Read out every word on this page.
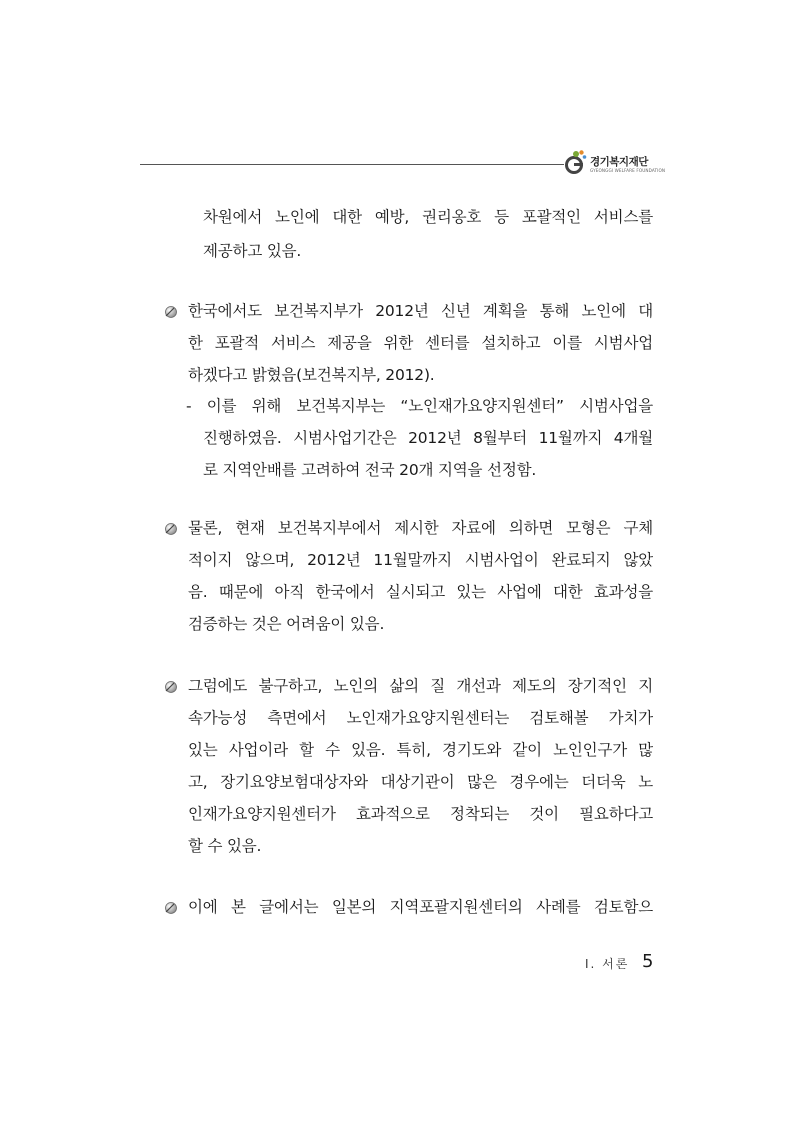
경기복지재단
GYEONGGI WELFARE FOUNDATION
차원에서 노인에 대한 예방, 권리옹호 등 포괄적인 서비스를
제공하고 있음.
한국에서도 보건복지부가 2012년 신년 계획을 통해 노인에 대
한 포괄적 서비스 제공을 위한 센터를 설치하고 이를 시범사업
하겠다고 밝혔음(보건복지부, 2012).
- 이를 위해 보건복지부는 “노인재가요양지원센터” 시범사업을
진행하였음. 시범사업기간은 2012년 8월부터 11월까지 4개월
로 지역안배를 고려하여 전국 20개 지역을 선정함.
물론, 현재 보건복지부에서 제시한 자료에 의하면 모형은 구체
적이지 않으며, 2012년 11월말까지 시범사업이 완료되지 않았
음. 때문에 아직 한국에서 실시되고 있는 사업에 대한 효과성을
검증하는 것은 어려움이 있음.
그럼에도 불구하고, 노인의 삶의 질 개선과 제도의 장기적인 지
속가능성 측면에서 노인재가요양지원센터는 검토해볼 가치가
있는 사업이라 할 수 있음. 특히, 경기도와 같이 노인인구가 많
고, 장기요양보험대상자와 대상기관이 많은 경우에는 더더욱 노
인재가요양지원센터가 효과적으로 정착되는 것이 필요하다고
할 수 있음.
이에 본 글에서는 일본의 지역포괄지원센터의 사례를 검토함으
Ⅰ. 서론 5
